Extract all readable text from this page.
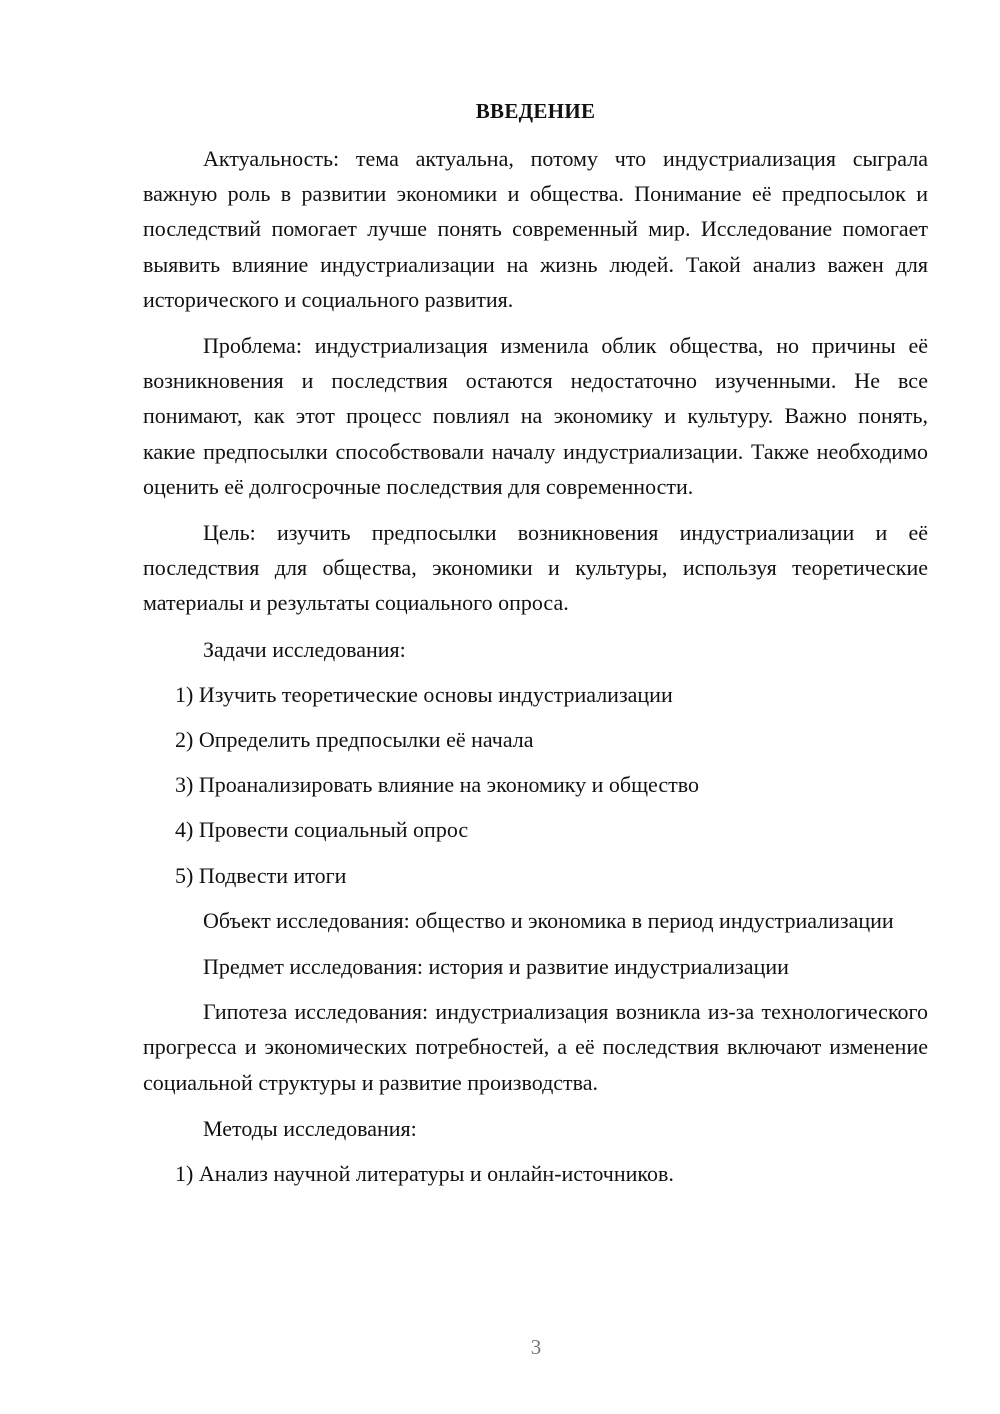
ВВЕДЕНИЕ

Актуальность: тема актуальна, потому что индустриализация сыграла важную роль в развитии экономики и общества. Понимание её предпосылок и последствий помогает лучше понять современный мир. Исследование помогает выявить влияние индустриализации на жизнь людей. Такой анализ важен для исторического и социального развития.

Проблема: индустриализация изменила облик общества, но причины её возникновения и последствия остаются недостаточно изученными. Не все понимают, как этот процесс повлиял на экономику и культуру. Важно понять, какие предпосылки способствовали началу индустриализации. Также необходимо оценить её долгосрочные последствия для современности.

Цель: изучить предпосылки возникновения индустриализации и её последствия для общества, экономики и культуры, используя теоретические материалы и результаты социального опроса.

Задачи исследования:

1) Изучить теоретические основы индустриализации
2) Определить предпосылки её начала
3) Проанализировать влияние на экономику и общество
4) Провести социальный опрос
5) Подвести итоги

Объект исследования: общество и экономика в период индустриализации

Предмет исследования: история и развитие индустриализации

Гипотеза исследования: индустриализация возникла из-за технологического прогресса и экономических потребностей, а её последствия включают изменение социальной структуры и развитие производства.

Методы исследования:

1) Анализ научной литературы и онлайн-источников.
3
